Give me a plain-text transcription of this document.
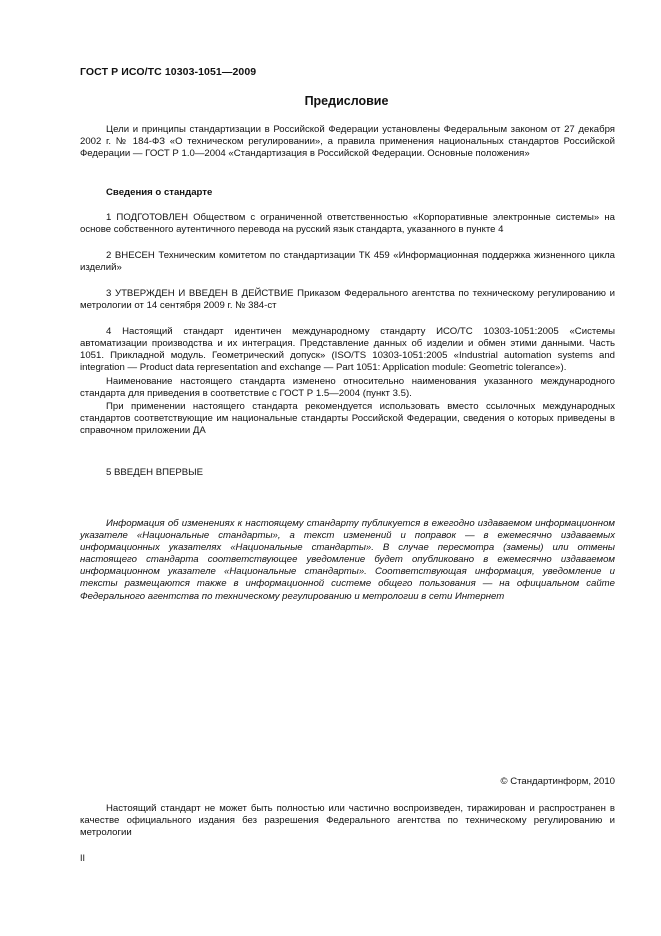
ГОСТ Р ИСО/ТС 10303-1051—2009
Предисловие
Цели и принципы стандартизации в Российской Федерации установлены Федеральным законом от 27 декабря 2002 г. № 184-ФЗ «О техническом регулировании», а правила применения национальных стандартов Российской Федерации — ГОСТ Р 1.0—2004 «Стандартизация в Российской Федерации. Основные положения»
Сведения о стандарте
1 ПОДГОТОВЛЕН Обществом с ограниченной ответственностью «Корпоративные электронные системы» на основе собственного аутентичного перевода на русский язык стандарта, указанного в пункте 4
2 ВНЕСЕН Техническим комитетом по стандартизации ТК 459 «Информационная поддержка жизненного цикла изделий»
3 УТВЕРЖДЕН И ВВЕДЕН В ДЕЙСТВИЕ Приказом Федерального агентства по техническому регулированию и метрологии от 14 сентября 2009 г. № 384-ст
4 Настоящий стандарт идентичен международному стандарту ИСО/ТС 10303-1051:2005 «Системы автоматизации производства и их интеграция. Представление данных об изделии и обмен этими данными. Часть 1051. Прикладной модуль. Геометрический допуск» (ISO/TS 10303-1051:2005 «Industrial automation systems and integration — Product data representation and exchange — Part 1051: Application module: Geometric tolerance»).
Наименование настоящего стандарта изменено относительно наименования указанного международного стандарта для приведения в соответствие с ГОСТ Р 1.5—2004 (пункт 3.5).
При применении настоящего стандарта рекомендуется использовать вместо ссылочных международных стандартов соответствующие им национальные стандарты Российской Федерации, сведения о которых приведены в справочном приложении ДА
5 ВВЕДЕН ВПЕРВЫЕ
Информация об изменениях к настоящему стандарту публикуется в ежегодно издаваемом информационном указателе «Национальные стандарты», а текст изменений и поправок — в ежемесячно издаваемых информационных указателях «Национальные стандарты». В случае пересмотра (замены) или отмены настоящего стандарта соответствующее уведомление будет опубликовано в ежемесячно издаваемом информационном указателе «Национальные стандарты». Соответствующая информация, уведомление и тексты размещаются также в информационной системе общего пользования — на официальном сайте Федерального агентства по техническому регулированию и метрологии в сети Интернет
© Стандартинформ, 2010
Настоящий стандарт не может быть полностью или частично воспроизведен, тиражирован и распространен в качестве официального издания без разрешения Федерального агентства по техническому регулированию и метрологии
II
